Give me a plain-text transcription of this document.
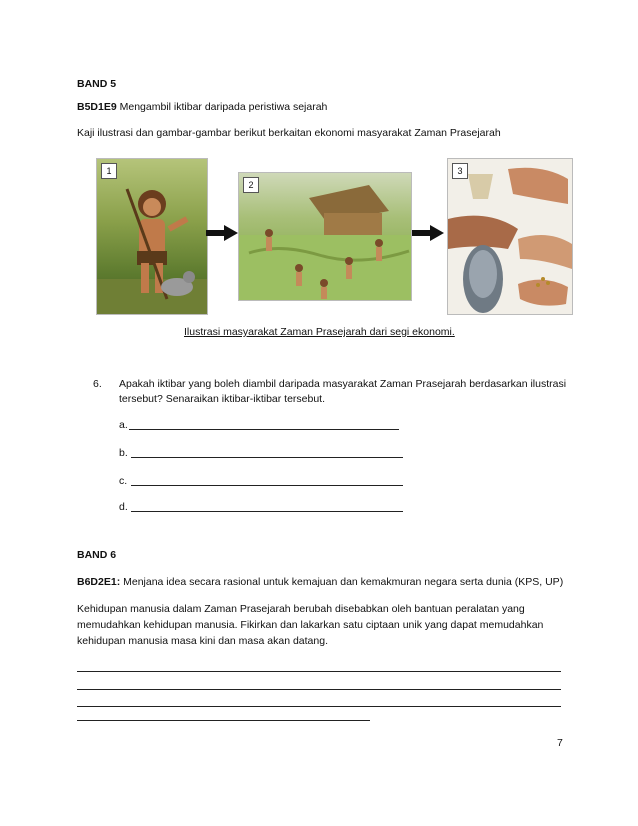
BAND 5
B5D1E9 Mengambil iktibar daripada peristiwa sejarah
Kaji ilustrasi dan gambar-gambar berikut berkaitan ekonomi masyarakat Zaman Prasejarah
1
2
3
Ilustrasi masyarakat Zaman Prasejarah dari segi ekonomi.
6. Apakah iktibar yang boleh diambil daripada masyarakat Zaman Prasejarah berdasarkan ilustrasi
tersebut? Senaraikan iktibar-iktibar tersebut.
a.
b.
c.
d.
BAND 6
B6D2E1: Menjana idea secara rasional untuk kemajuan dan kemakmuran negara serta dunia (KPS, UP)
Kehidupan manusia dalam Zaman Prasejarah berubah disebabkan oleh bantuan peralatan yang
memudahkan kehidupan manusia. Fikirkan dan lakarkan satu ciptaan unik yang dapat memudahkan
kehidupan manusia masa kini dan masa akan datang.
7
